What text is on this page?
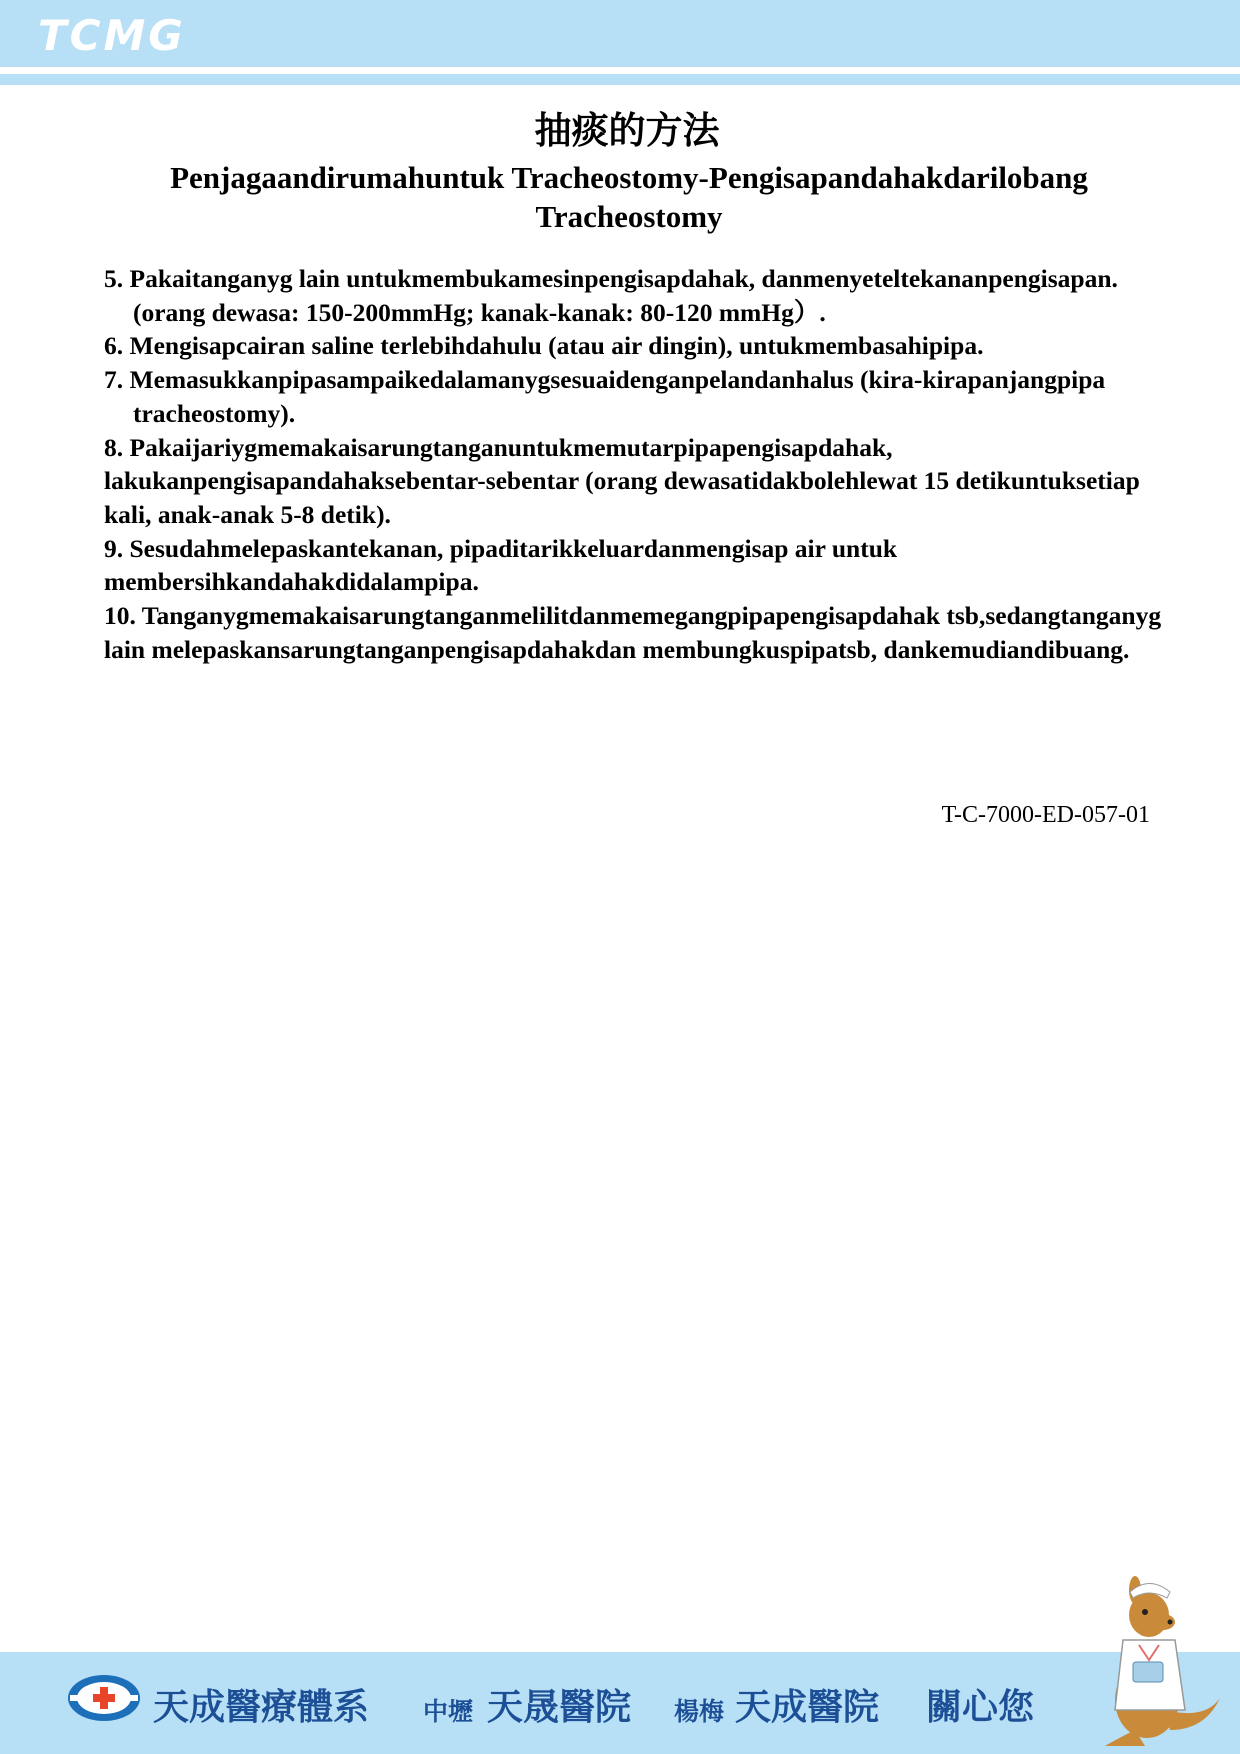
TCMG
抽痰的方法
Penjagaandirumahuntuk Tracheostomy-Pengisapandahakdarilobang Tracheostomy

5. Pakaitanganyg lain untukmembukamesinpengisapdahak, danmenyeteltekananpengisapan. (orang dewasa: 150-200mmHg; kanak-kanak: 80-120 mmHg）.

6. Mengisapcairan saline terlebihdahulu (atau air dingin), untukmembasahipipa.

7. Memasukkanpipasampaikedalamanygsesuaidenganpelandanhalus (kira-kirapanjangpipa tracheostomy).

8. Pakaijariygmemakaisarungtanganuntukmemutarpipapengisapdahak, lakukanpengisapandahaksebentar-sebentar (orang dewasatidakbolehlewat 15 detikuntuksetiap kali, anak-anak 5-8 detik).

9. Sesudahmelepaskantekanan, pipaditarikkeluardanmengisap air untuk membersihkandahakdidalampipa.

10. Tanganygmemakaisarungtanganmelilitdanmemegangpipapengisapdahak tsb,sedangtanganyg lain melepaskansarungtanganpengisapdahakdan membungkuspipatsb, dankemudiandibuang.

T-C-7000-ED-057-01
天成醫療體系 中壢 天晟醫院 楊梅 天成醫院 關心您
